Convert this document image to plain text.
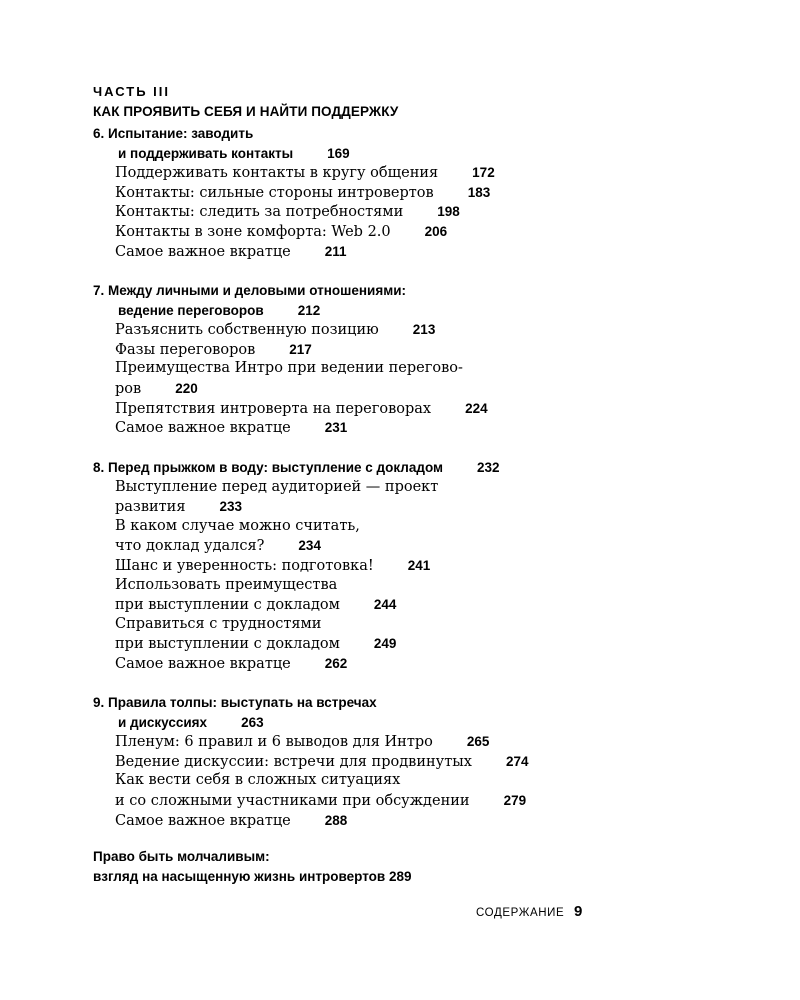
ЧАСТЬ III
КАК ПРОЯВИТЬ СЕБЯ И НАЙТИ ПОДДЕРЖКУ
6. Испытание: заводить
и поддерживать контакты	169
Поддерживать контакты в кругу общения	172
Контакты: сильные стороны интровертов	183
Контакты: следить за потребностями	198
Контакты в зоне комфорта: Web 2.0	206
Самое важное вкратце	211
7. Между личными и деловыми отношениями:
ведение переговоров	212
Разъяснить собственную позицию	213
Фазы переговоров	217
Преимущества Интро при ведении перегово-
ров	220
Препятствия интроверта на переговорах	224
Самое важное вкратце	231
8. Перед прыжком в воду: выступление с докладом	232
Выступление перед аудиторией — проект
развития	233
В каком случае можно считать,
что доклад удался?	234
Шанс и уверенность: подготовка!	241
Использовать преимущества
при выступлении с докладом	244
Справиться с трудностями
при выступлении с докладом	249
Самое важное вкратце	262
9. Правила толпы: выступать на встречах
и дискуссиях	263
Пленум: 6 правил и 6 выводов для Интро	265
Ведение дискуссии: встречи для продвинутых	274
Как вести себя в сложных ситуациях
и со сложными участниками при обсуждении	279
Самое важное вкратце	288
Право быть молчаливым:
взгляд на насыщенную жизнь интровертов 289
СОДЕРЖАНИЕ 9
